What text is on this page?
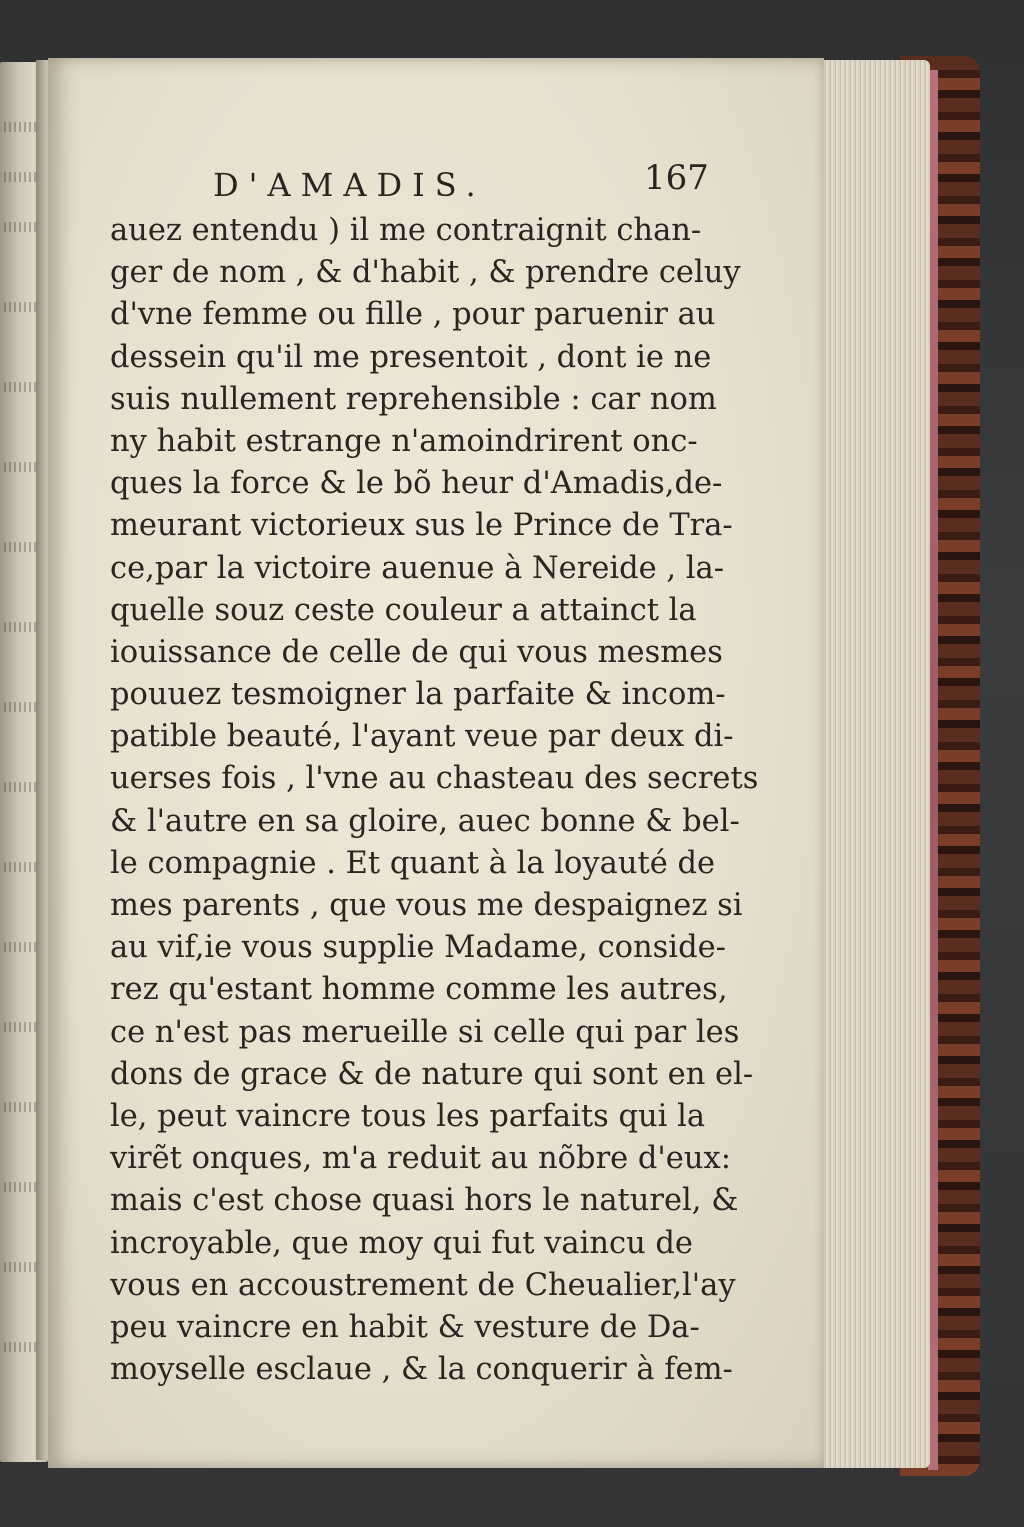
D'AMADIS.	167
auez entendu ) il me contraignit chan-
ger de nom , & d'habit , & prendre celuy
d'vne femme ou fille , pour paruenir au
dessein qu'il me presentoit , dont ie ne
suis nullement reprehensible : car nom
ny habit estrange n'amoindrirent onc-
ques la force & le bõ heur d'Amadis,de-
meurant victorieux sus le Prince de Tra-
ce,par la victoire auenue à Nereide , la-
quelle souz ceste couleur a attainct la
iouissance de celle de qui vous mesmes
pouuez tesmoigner la parfaite & incom-
patible beauté, l'ayant veue par deux di-
uerses fois , l'vne au chasteau des secrets
& l'autre en sa gloire, auec bonne & bel-
le compagnie . Et quant à la loyauté de
mes parents , que vous me despaignez si
au vif,ie vous supplie Madame, conside-
rez qu'estant homme comme les autres,
ce n'est pas merueille si celle qui par les
dons de grace & de nature qui sont en el-
le, peut vaincre tous les parfaits qui la
virẽt onques, m'a reduit au nõbre d'eux:
mais c'est chose quasi hors le naturel, &
incroyable, que moy qui fut vaincu de
vous en accoustrement de Cheualier,l'ay
peu vaincre en habit & vesture de Da-
moyselle esclaue , & la conquerir à fem-
